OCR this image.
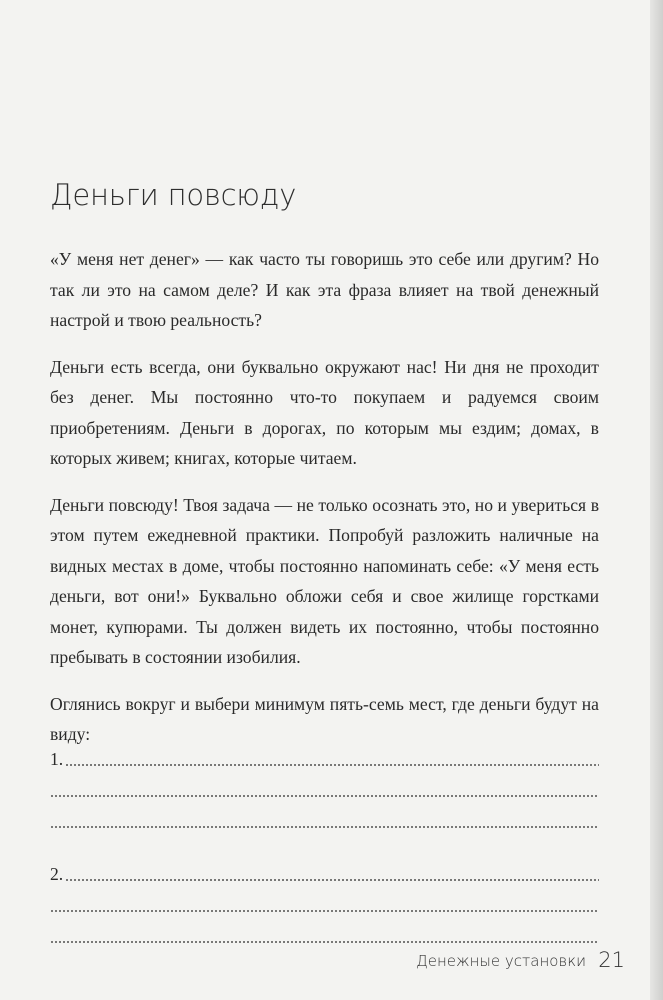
Деньги повсюду

«У меня нет денег» — как часто ты говоришь это себе или другим? Но так ли это на самом деле? И как эта фраза влияет на твой денежный настрой и твою реальность?

Деньги есть всегда, они буквально окружают нас! Ни дня не проходит без денег. Мы постоянно что-то покупаем и радуемся своим приобретениям. Деньги в дорогах, по которым мы ездим; домах, в которых живем; книгах, которые читаем.

Деньги повсюду! Твоя задача — не только осознать это, но и увериться в этом путем ежедневной практики. Попробуй разложить наличные на видных местах в доме, чтобы постоянно напоминать себе: «У меня есть деньги, вот они!» Буквально обложи себя и свое жилище горстками монет, купюрами. Ты должен видеть их постоянно, чтобы постоянно пребывать в состоянии изобилия.

Оглянись вокруг и выбери минимум пять-семь мест, где деньги будут на виду:

1.
2.
Денежные установки 21
